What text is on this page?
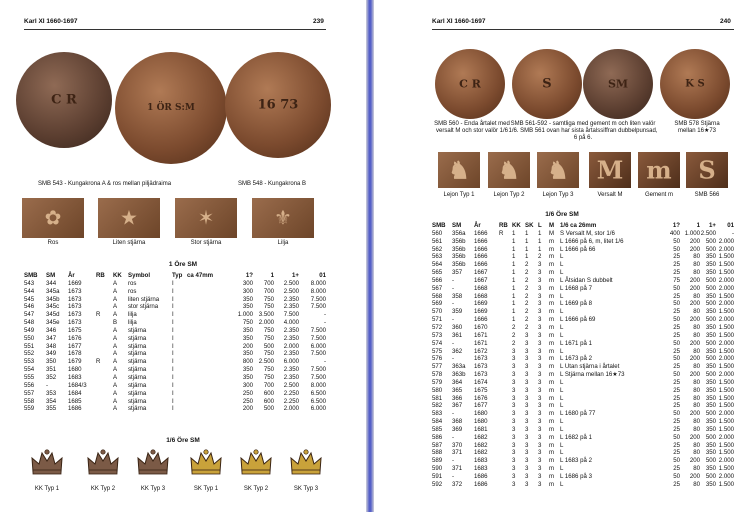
Karl XI 1660-1697	239
C R
1 ÖR S:M	16 73
SMB 543 - Kungakrona A & ros mellan piljädraima	SMB 548 - Kungakrona B
✿
Ros
★
Liten stjärna
✶
Stor stjärna
⚜
Lilja
1 Öre SM
SMB	SM	År	RB	KK	Symbol	Typ	ca 47mm	1?	1	1+	01
543	344	1669		A	ros	I		300	700	2.500	8.000
544	345a	1673		A	ros	I		300	700	2.500	8.000
545	345b	1673		A	liten stjärna	I		350	750	2.350	7.500
546	345c	1673		A	stor stjärna	I		350	750	2.350	7.500
547	345d	1673	R	A	lilja	I		1.000	3.500	7.500	-
548	345e	1673		B	lilja	I		750	2.000	4.000	-
549	346	1675		A	stjärna	I		350	750	2.350	7.500
550	347	1676		A	stjärna	I		350	750	2.350	7.500
551	348	1677		A	stjärna	I		200	500	2.000	6.000
552	349	1678		A	stjärna	I		350	750	2.350	7.500
553	350	1679	R	A	stjärna	I		800	2.500	6.000	-
554	351	1680		A	stjärna	I		350	750	2.350	7.500
555	352	1683		A	stjärna	I		350	750	2.350	7.500
556	-	1684/3		A	stjärna	I		300	700	2.500	8.000
557	353	1684		A	stjärna	I		250	600	2.250	6.500
558	354	1685		A	stjärna	I		250	600	2.250	6.500
559	355	1686		A	stjärna	I		200	500	2.000	6.000
1/6 Öre SM
KK Typ 1	KK Typ 2	KK Typ 3	SK Typ 1	SK Typ 2	SK Typ 3
Karl XI 1660-1697	240
C R	S	SM	K S
SMB 560 - Enda årtalet med versalt M och stor valör 1/6
SMB 561-592 - samtliga med gement m och liten valör 1/6. SMB 561 ovan har sista årtalssiffran dubbelpunsad, 6 på 6.
SMB 578 Stjärna mellan 16★73
♞
Lejon Typ 1
♞
Lejon Typ 2
♞
Lejon Typ 3
M
Versalt M
m
Gement m
S
SMB 566
1/6 Öre SM
SMB	SM	År	RB	KK	SK	L	M	1/6 ca 26mm	1?	1	1+	01
560	356a	1666	R	1	1	1	M	S Versalt M, stor 1/6	400	1.000	2.500	-
561	356b	1666		1	1	1	m	L 1666 på 6, m, litet 1/6	50	200	500	2.000
562	356b	1666		1	1	1	m	L 1666 på 66	50	200	500	2.000
563	356b	1666		1	1	2	m	L	25	80	350	1.500
564	356b	1666		1	2	3	m	L	25	80	350	1.500
565	357	1667		1	2	3	m	L	25	80	350	1.500
566	-	1667		1	2	3	m	L Åtsidan S dubbelt	75	200	500	2.000
567	-	1668		1	2	3	m	L 1668 på 7	50	200	500	2.000
568	358	1668		1	2	3	m	L	25	80	350	1.500
569	-	1669		1	2	3	m	L 1669 på 8	50	200	500	2.000
570	359	1669		1	2	3	m	L	25	80	350	1.500
571	-	1666		1	2	3	m	L 1666 på 69	50	200	500	2.000
572	360	1670		2	2	3	m	L	25	80	350	1.500
573	361	1671		2	3	3	m	L	25	80	350	1.500
574	-	1671		2	3	3	m	L 1671 på 1	50	200	500	2.000
575	362	1672		3	3	3	m	L	25	80	350	1.500
576	-	1673		3	3	3	m	L 1673 på 2	50	200	500	2.000
577	363a	1673		3	3	3	m	L Utan stjärna i årtalet	25	80	350	1.500
578	363b	1673		3	3	3	m	L Stjärna mellan 16★73	50	200	500	2.000
579	364	1674		3	3	3	m	L	25	80	350	1.500
580	365	1675		3	3	3	m	L	25	80	350	1.500
581	366	1676		3	3	3	m	L	25	80	350	1.500
582	367	1677		3	3	3	m	L	25	80	350	1.500
583	-	1680		3	3	3	m	L 1680 på 77	50	200	500	2.000
584	368	1680		3	3	3	m	L	25	80	350	1.500
585	369	1681		3	3	3	m	L	25	80	350	1.500
586	-	1682		3	3	3	m	L 1682 på 1	50	200	500	2.000
587	370	1682		3	3	3	m	L	25	80	350	1.500
588	371	1682		3	3	3	m	L	25	80	350	1.500
589	-	1683		3	3	3	m	L 1683 på 2	50	200	500	2.000
590	371	1683		3	3	3	m	L	25	80	350	1.500
591	-	1686		3	3	3	m	L 1686 på 3	50	200	500	2.000
592	372	1686		3	3	3	m	L	25	80	350	1.500
